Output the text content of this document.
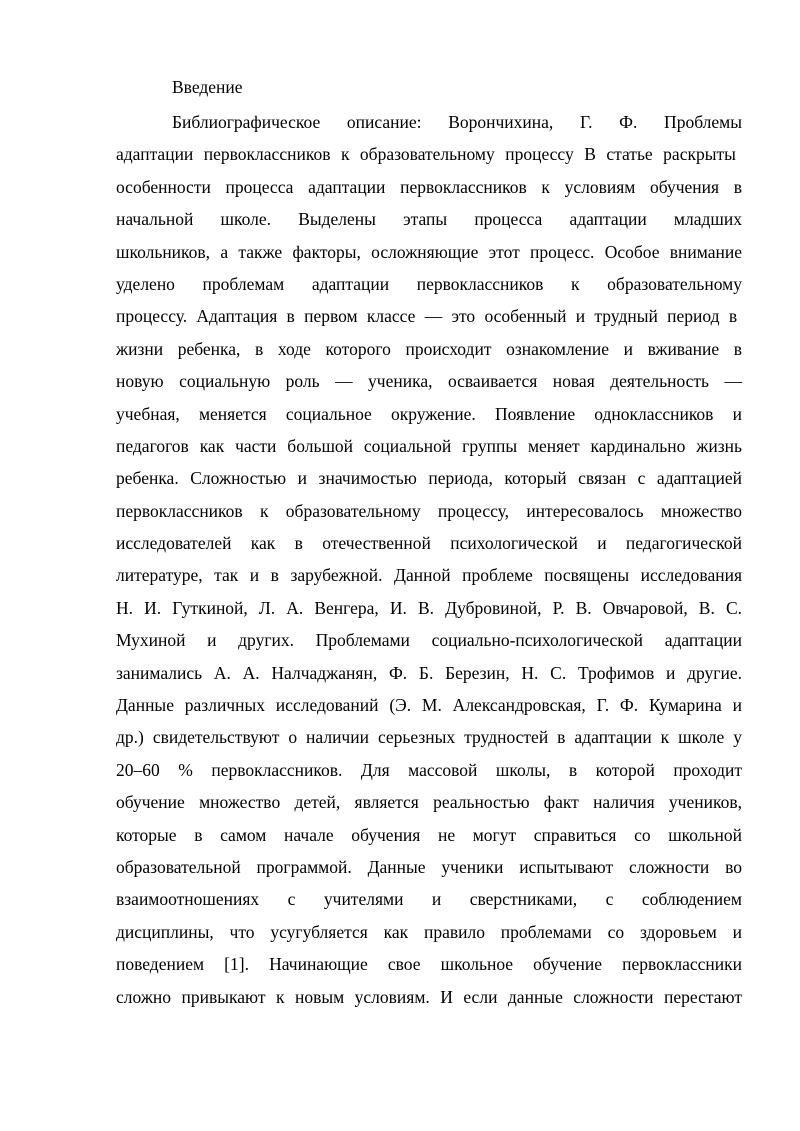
Введение
Библиографическое описание: Ворончихина, Г. Ф. Проблемы
адаптации первоклассников к образовательному процессу В статье раскрыты
особенности процесса адаптации первоклассников к условиям обучения в
начальной школе. Выделены этапы процесса адаптации младших
школьников, а также факторы, осложняющие этот процесс. Особое внимание
уделено проблемам адаптации первоклассников к образовательному
процессу. Адаптация в первом классе — это особенный и трудный период в
жизни ребенка, в ходе которого происходит ознакомление и вживание в
новую социальную роль — ученика, осваивается новая деятельность —
учебная, меняется социальное окружение. Появление одноклассников и
педагогов как части большой социальной группы меняет кардинально жизнь
ребенка. Сложностью и значимостью периода, который связан с адаптацией
первоклассников к образовательному процессу, интересовалось множество
исследователей как в отечественной психологической и педагогической
литературе, так и в зарубежной. Данной проблеме посвящены исследования
Н. И. Гуткиной, Л. А. Венгера, И. В. Дубровиной, Р. В. Овчаровой, В. С.
Мухиной и других. Проблемами социально-психологической адаптации
занимались А. А. Налчаджанян, Ф. Б. Березин, Н. С. Трофимов и другие.
Данные различных исследований (Э. М. Александровская, Г. Ф. Кумарина и
др.) свидетельствуют о наличии серьезных трудностей в адаптации к школе у
20–60 % первоклассников. Для массовой школы, в которой проходит
обучение множество детей, является реальностью факт наличия учеников,
которые в самом начале обучения не могут справиться со школьной
образовательной программой. Данные ученики испытывают сложности во
взаимоотношениях с учителями и сверстниками, с соблюдением
дисциплины, что усугубляется как правило проблемами со здоровьем и
поведением [1]. Начинающие свое школьное обучение первоклассники
сложно привыкают к новым условиям. И если данные сложности перестают
